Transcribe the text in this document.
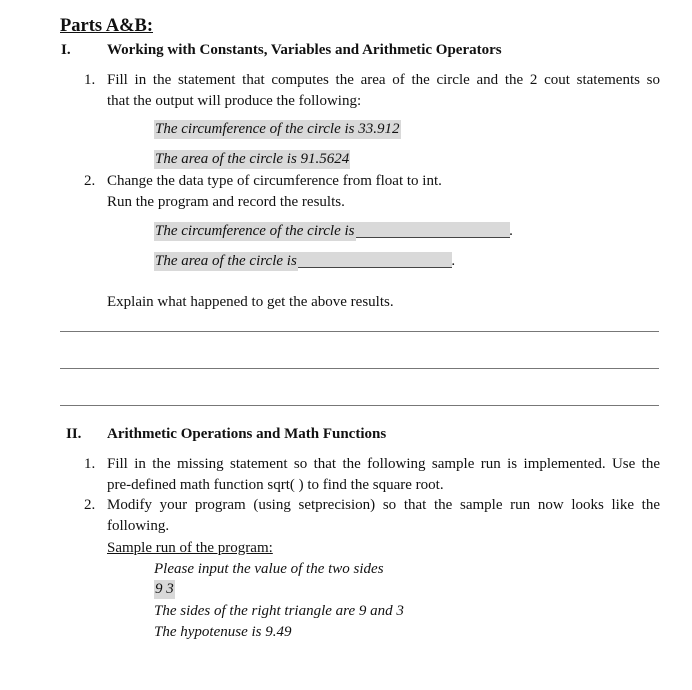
Parts A&B:
I. Working with Constants, Variables and Arithmetic Operators
1. Fill in the statement that computes the area of the circle and the 2 cout statements so
that the output will produce the following:
The circumference of the circle is 33.912
The area of the circle is 91.5624
2. Change the data type of circumference from float to int.
Run the program and record the results.
The circumference of the circle is	.
The area of the circle is	.
Explain what happened to get the above results.
II. Arithmetic Operations and Math Functions
1. Fill in the missing statement so that the following sample run is implemented. Use the
pre-defined math function sqrt( ) to find the square root.
2. Modify your program (using setprecision) so that the sample run now looks like the
following.
Sample run of the program:
Please input the value of the two sides
9 3
The sides of the right triangle are 9 and 3
The hypotenuse is 9.49
